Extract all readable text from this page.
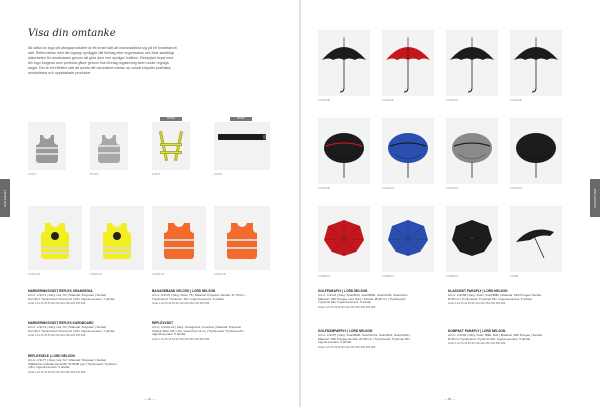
SÄKERHET
Visa din omtanke

Att sätta sin logo på varlagsprodukter är ett smart sätt att marknadsföra sig på ett fundessivvit sätt. Reflexvästar med din logotyp synliggör ditt företag eller organisation och ökar samtidigt säkerheten för användaren genom att göra dem mer synliga i trafiken. Reseplyer bryst med din logo fungerar som perfekta gåvor genom hos företag registrering även under regniga dagar. Det är ett effektivt sätt att sprida ditt varumärke medan du också erbjuder praktiska, användbara och uppskattade produkter.

A 9171	M 9172
NYHET
A 9177
NYHET
A 9176
A 9301-02	A 9303-02	A 9301-04	A 9301-06
MARKERINGSVÄST REFLEX ORANGEGUL
Art.nr: A 9171 | Färg: Gul, SV | Material: Polyester | Storlek: M+/75cm Tryckmetod: Flexotryck | Min: Ingen/Leverans: 7 arbdar
Antal 1-24 25-49 50-99 100-249 250-499 500-999
MARKERINGSVÄST REFLEX KARDBOARD
Art.nr: A 9172 | Färg: Gul, SV | Material: Polyester | Storlek: M+/75cm Tryckmetod: Flexotryck | Min: Ingen/Leverans: 7 arbdar
Antal 1-24 25-49 50-99 100-249 250-499 500-999
REFLEXSELE | LORD NELSON
Art.nr: A 9177 | Färg: Gul, SV | Material: Polyester | Storlek: Ställbar/an Cellofan-kuvert/M: 51/3008 pps | Tryckmetod: Tryckmet | Min: Ingen/Leverans: 5 arbdar
Antal 1-24 25-49 50-99 100-249 250-499 500-999
BAGAGEBAND VELCRO | LORD NELSON
Art.nr: A 9176 | Färg: Svart, 75 | Material: Polyester Storlek: 5x 75/cm | Tryckmetod: Tryckmet | Min: Ingen/Leverans: 5 arbdar
Antal 1-24 25-49 50-99 100-249 250-499 500-999
REFLEXVÄST
Art.nr: A 9301-02 | Färg: Orange/Gul, Lime/Gul | Material: Polyester Storlek: Barn 3/6 x 3/6, Vuxen/Gul s4 Liv | Tryckmetod: Tryckmet Min: Ingen/Leverans: 5 arbdar
Antal 1-24 25-49 50-99 100-249 250-499 500-999
— 84 —
PARAPLYER
A 9142-39	A 9142-26	A 9142-04	A 9142-29
A 9142-30	A 9142-24	A 9142-16	A 9142-15
A 9168-23	A 9168-21	A 9168-23	A 9168
GOLFPARAPLY | LORD NELSON
Art.nr: A 9142 | Färg: Svart/Rött, Svart/Blått, Svart/Grått, Svart/Grön Material: 190t Pongee med diam | Storlek: Ø130 cm | Tryckmetod: Tryckmet Min: Ingen/Leverans: 5 arbdar
Antal 1-24 25-49 50-99 100-249 250-499 500-999
KLASSISKT PARAPLY | LORD NELSON
Art.nr: A 9168 | Färg: Svart, Svart/Blått | Material: 190t Pongee Storlek: Ø 98 cm | Tryckmetod: Tryckmet Min: Ingen/Leverans: 5 arbdar
Antal 1-24 25-49 50-99 100-249 250-499 500-999
GOLFDÄMPARPLY | LORD NELSON
Art.nr: A 9157 | Färg: Svart/Blått, Svart/Grönt, Svart/Rött, Svart/Grått | Material: 190t Pongee Storlek: Ø 130 cm | Tryckmetod: Tryckmet Min: Ingen/Leverans: 5 arbdar
Antal 1-24 25-49 50-99 100-249 250-499 500-999
KOMPAKT PARAPLY | LORD NELSON
Art.nr: A 9165 | Färg: Svart, Blått, Rött | Material: 190t Pongee | Storlek: Ø 96 cm Tryckmetod: Tryckmet Min: Ingen/Leverans: 5 arbdar
Antal 1-24 25-49 50-99 100-249 250-499 500-999
— 85 —
